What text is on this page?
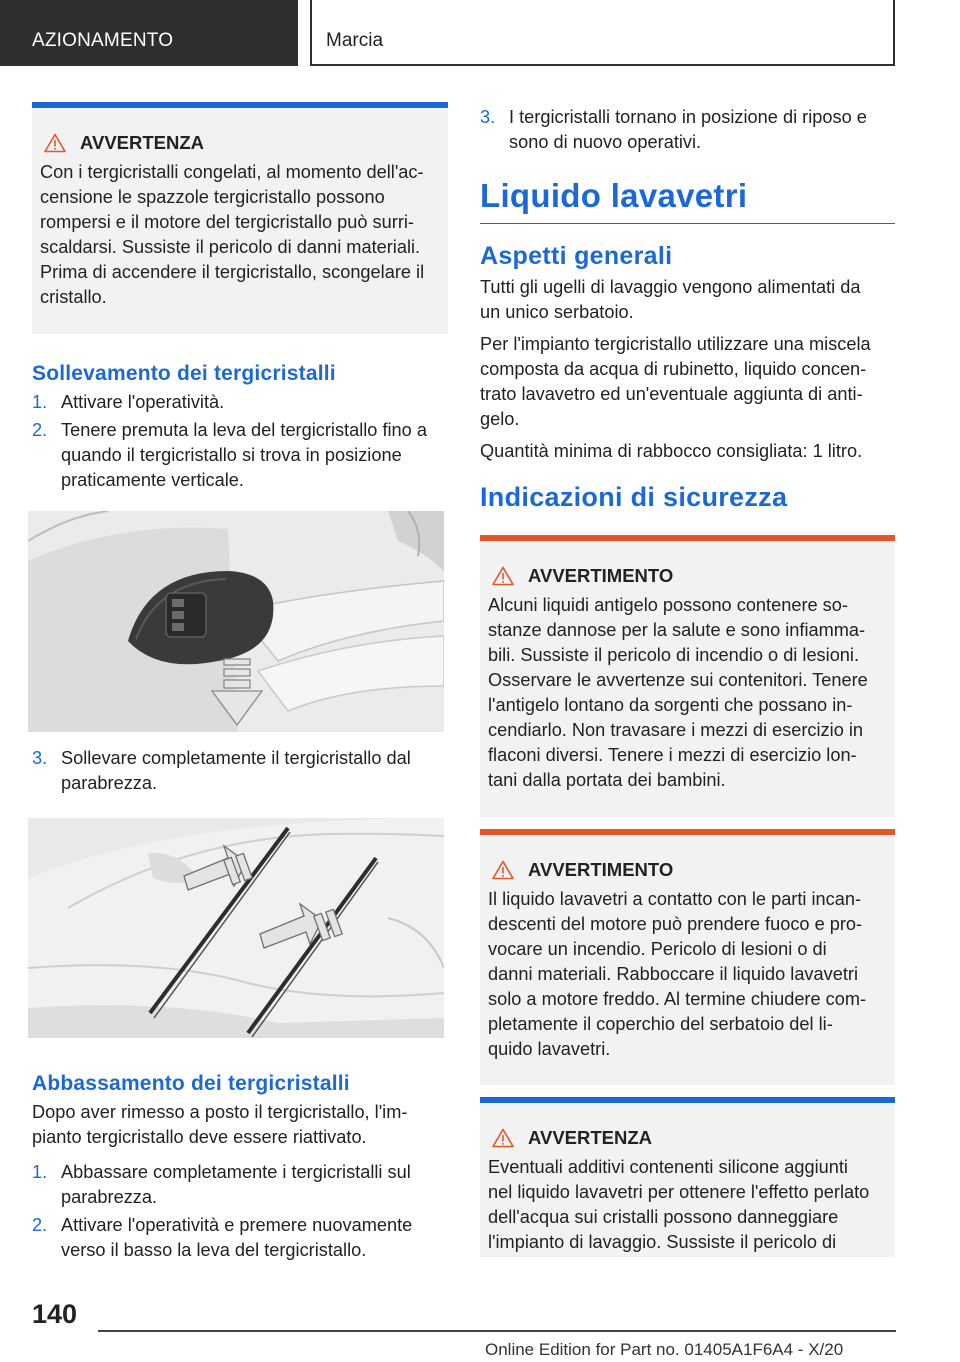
AZIONAMENTO	Marcia
AVVERTENZA
Con i tergicristalli congelati, al momento dell'ac-
censione le spazzole tergicristallo possono
rompersi e il motore del tergicristallo può surri-
scaldarsi. Sussiste il pericolo di danni materiali.
Prima di accendere il tergicristallo, scongelare il
cristallo.
Sollevamento dei tergicristalli
1. Attivare l'operatività.
2. Tenere premuta la leva del tergicristallo fino a
quando il tergicristallo si trova in posizione
praticamente verticale.
3. Sollevare completamente il tergicristallo dal
parabrezza.
Abbassamento dei tergicristalli

Dopo aver rimesso a posto il tergicristallo, l'im-
pianto tergicristallo deve essere riattivato.

1. Abbassare completamente i tergicristalli sul
parabrezza.
2. Attivare l'operatività e premere nuovamente
verso il basso la leva del tergicristallo.
3. I tergicristalli tornano in posizione di riposo e
sono di nuovo operativi.
Liquido lavavetri
Aspetti generali

Tutti gli ugelli di lavaggio vengono alimentati da
un unico serbatoio.

Per l'impianto tergicristallo utilizzare una miscela
composta da acqua di rubinetto, liquido concen-
trato lavavetro ed un'eventuale aggiunta di anti-
gelo.

Quantità minima di rabbocco consigliata: 1 litro.

Indicazioni di sicurezza
AVVERTIMENTO
Alcuni liquidi antigelo possono contenere so-
stanze dannose per la salute e sono infiamma-
bili. Sussiste il pericolo di incendio o di lesioni.
Osservare le avvertenze sui contenitori. Tenere
l'antigelo lontano da sorgenti che possano in-
cendiarlo. Non travasare i mezzi di esercizio in
flaconi diversi. Tenere i mezzi di esercizio lon-
tani dalla portata dei bambini.
AVVERTIMENTO
Il liquido lavavetri a contatto con le parti incan-
descenti del motore può prendere fuoco e pro-
vocare un incendio. Pericolo di lesioni o di
danni materiali. Rabboccare il liquido lavavetri
solo a motore freddo. Al termine chiudere com-
pletamente il coperchio del serbatoio del li-
quido lavavetri.
AVVERTENZA
Eventuali additivi contenenti silicone aggiunti
nel liquido lavavetri per ottenere l'effetto perlato
dell'acqua sui cristalli possono danneggiare
l'impianto di lavaggio. Sussiste il pericolo di
140
Online Edition for Part no. 01405A1F6A4 - X/20
